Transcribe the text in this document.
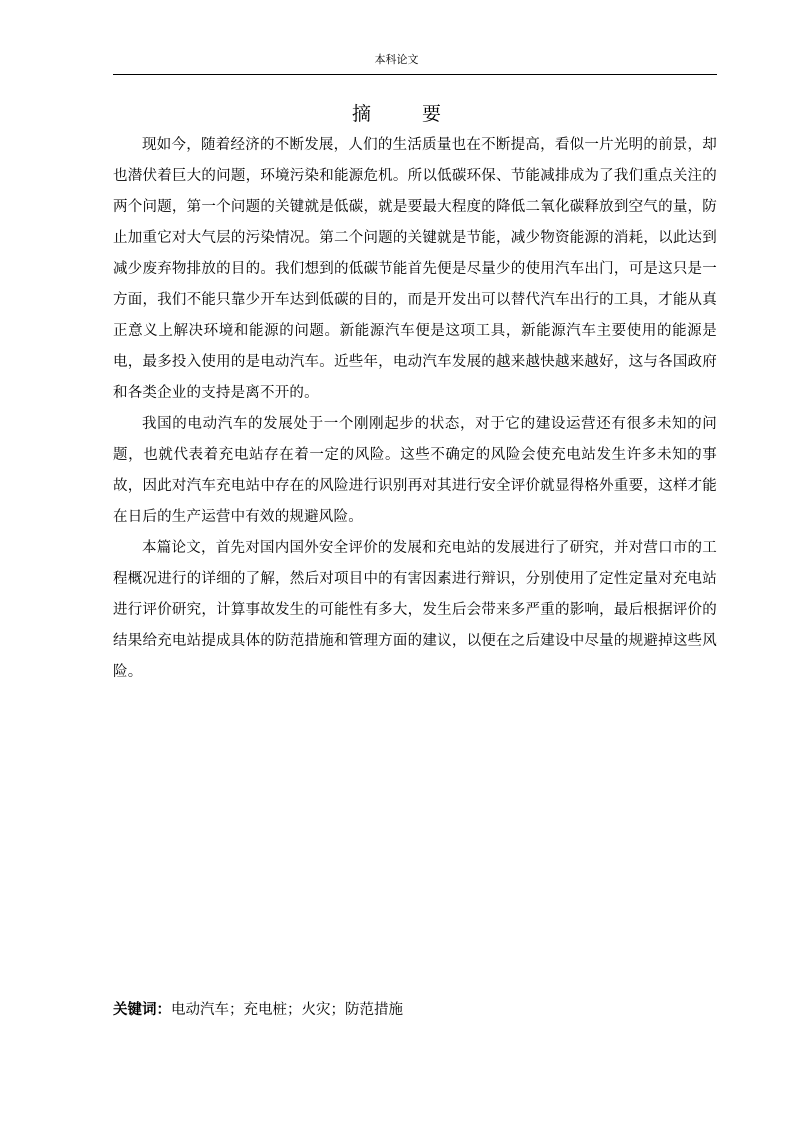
本科论文
摘　要

现如今，随着经济的不断发展，人们的生活质量也在不断提高，看似一片光明的前景，却也潜伏着巨大的问题，环境污染和能源危机。所以低碳环保、节能减排成为了我们重点关注的两个问题，第一个问题的关键就是低碳，就是要最大程度的降低二氧化碳释放到空气的量，防止加重它对大气层的污染情况。第二个问题的关键就是节能，减少物资能源的消耗，以此达到减少废弃物排放的目的。我们想到的低碳节能首先便是尽量少的使用汽车出门，可是这只是一方面，我们不能只靠少开车达到低碳的目的，而是开发出可以替代汽车出行的工具，才能从真正意义上解决环境和能源的问题。新能源汽车便是这项工具，新能源汽车主要使用的能源是电，最多投入使用的是电动汽车。近些年，电动汽车发展的越来越快越来越好，这与各国政府和各类企业的支持是离不开的。

我国的电动汽车的发展处于一个刚刚起步的状态，对于它的建设运营还有很多未知的问题，也就代表着充电站存在着一定的风险。这些不确定的风险会使充电站发生许多未知的事故，因此对汽车充电站中存在的风险进行识别再对其进行安全评价就显得格外重要，这样才能在日后的生产运营中有效的规避风险。

本篇论文，首先对国内国外安全评价的发展和充电站的发展进行了研究，并对营口市的工程概况进行的详细的了解，然后对项目中的有害因素进行辩识，分别使用了定性定量对充电站进行评价研究，计算事故发生的可能性有多大，发生后会带来多严重的影响，最后根据评价的结果给充电站提成具体的防范措施和管理方面的建议，以便在之后建设中尽量的规避掉这些风险。

关键词：电动汽车；充电桩；火灾；防范措施
